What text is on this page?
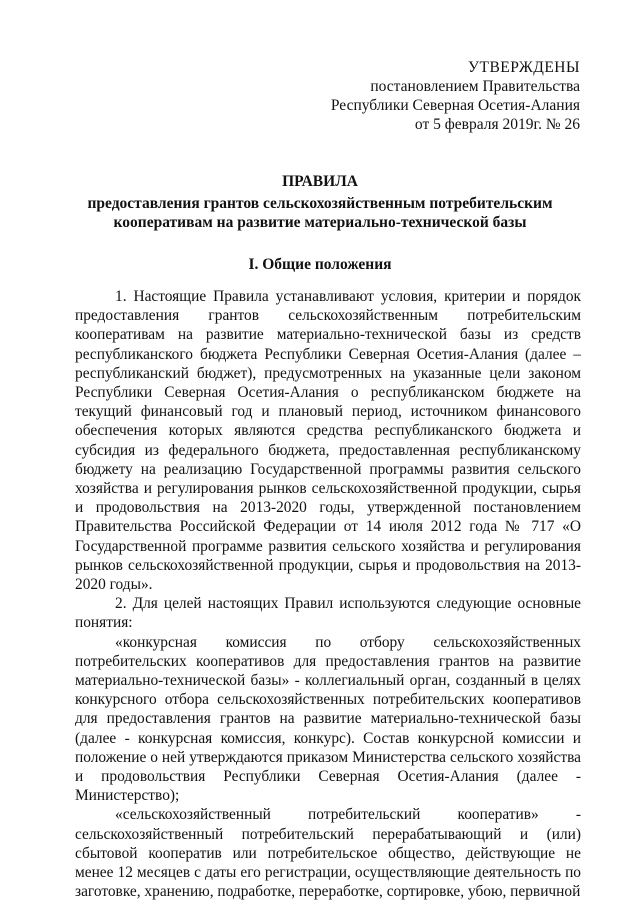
УТВЕРЖДЕНЫ
постановлением Правительства
Республики Северная Осетия-Алания
от 5 февраля 2019г. № 26
ПРАВИЛА
предоставления грантов сельскохозяйственным потребительским кооперативам на развитие материально-технической базы
I. Общие положения

1. Настоящие Правила устанавливают условия, критерии и порядок предоставления грантов сельскохозяйственным потребительским кооперативам на развитие материально-технической базы из средств республиканского бюджета Республики Северная Осетия-Алания (далее – республиканский бюджет), предусмотренных на указанные цели законом Республики Северная Осетия-Алания о республиканском бюджете на текущий финансовый год и плановый период, источником финансового обеспечения которых являются средства республиканского бюджета и субсидия из федерального бюджета, предоставленная республиканскому бюджету на реализацию Государственной программы развития сельского хозяйства и регулирования рынков сельскохозяйственной продукции, сырья и продовольствия на 2013-2020 годы, утвержденной постановлением Правительства Российской Федерации от 14 июля 2012 года № 717 «О Государственной программе развития сельского хозяйства и регулирования рынков сельскохозяйственной продукции, сырья и продовольствия на 2013-2020 годы».

2. Для целей настоящих Правил используются следующие основные понятия:

«конкурсная комиссия по отбору сельскохозяйственных потребительских кооперативов для предоставления грантов на развитие материально-технической базы» - коллегиальный орган, созданный в целях конкурсного отбора сельскохозяйственных потребительских кооперативов для предоставления грантов на развитие материально-технической базы (далее - конкурсная комиссия, конкурс). Состав конкурсной комиссии и положение о ней утверждаются приказом Министерства сельского хозяйства и продовольствия Республики Северная Осетия-Алания (далее - Министерство);

«сельскохозяйственный потребительский кооператив» - сельскохозяйственный потребительский перерабатывающий и (или) сбытовой кооператив или потребительское общество, действующие не менее 12 месяцев с даты его регистрации, осуществляющие деятельность по заготовке, хранению, подработке, переработке, сортировке, убою, первичной
